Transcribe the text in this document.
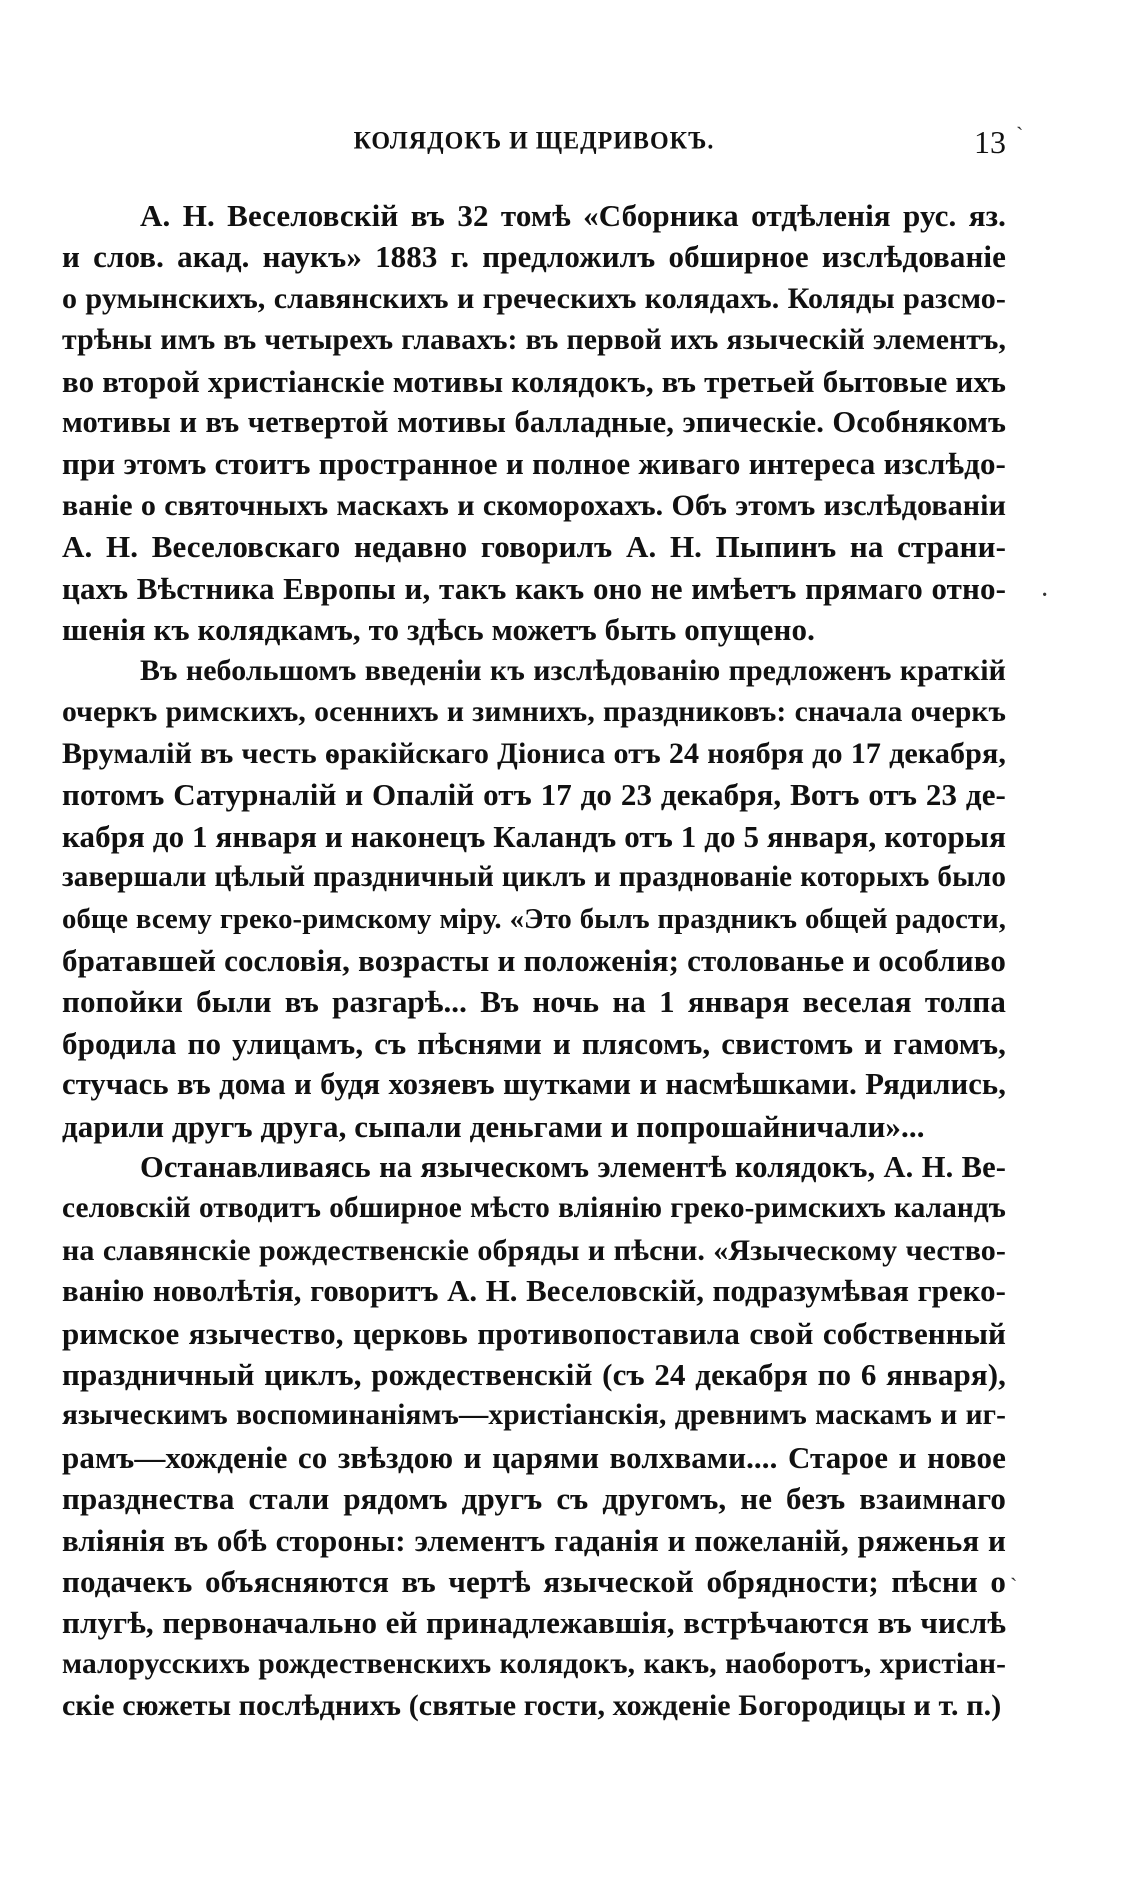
КОЛЯДОКЪ И ЩЕДРИВОКЪ.	13
А. Н. Веселовскій въ 32 томѣ «Сборника отдѣленія рус. яз.
и слов. акад. наукъ» 1883 г. предложилъ обширное изслѣдованіе
о румынскихъ, славянскихъ и греческихъ колядахъ. Коляды разсмо-
трѣны имъ въ четырехъ главахъ: въ первой ихъ языческій элементъ,
во второй христіанскіе мотивы колядокъ, въ третьей бытовые ихъ
мотивы и въ четвертой мотивы балладные, эпическіе. Особнякомъ
при этомъ стоитъ пространное и полное живаго интереса изслѣдо-
ваніе о святочныхъ маскахъ и скоморохахъ. Объ этомъ изслѣдованіи
А. Н. Веселовскаго недавно говорилъ А. Н. Пыпинъ на страни-
цахъ Вѣстника Европы и, такъ какъ оно не имѣетъ прямаго отно-
шенія къ колядкамъ, то здѣсь можетъ быть опущено.
Въ небольшомъ введеніи къ изслѣдованію предложенъ краткій
очеркъ римскихъ, осеннихъ и зимнихъ, праздниковъ: сначала очеркъ
Врумалій въ честь ѳракійскаго Діониса отъ 24 ноября до 17 декабря,
потомъ Сатурналій и Опалій отъ 17 до 23 декабря, Вотъ отъ 23 де-
кабря до 1 января и наконецъ Каландъ отъ 1 до 5 января, которыя
завершали цѣлый праздничный циклъ и празднованіе которыхъ было
обще всему греко-римскому міру. «Это былъ праздникъ общей радости,
братавшей сословія, возрасты и положенія; столованье и особливо
попойки были въ разгарѣ... Въ ночь на 1 января веселая толпа
бродила по улицамъ, съ пѣснями и плясомъ, свистомъ и гамомъ,
стучась въ дома и будя хозяевъ шутками и насмѣшками. Рядились,
дарили другъ друга, сыпали деньгами и попрошайничали»...
Останавливаясь на языческомъ элементѣ колядокъ, А. Н. Ве-
селовскій отводитъ обширное мѣсто вліянію греко-римскихъ каландъ
на славянскіе рождественскіе обряды и пѣсни. «Языческому чество-
ванію новолѣтія, говоритъ А. Н. Веселовскій, подразумѣвая греко-
римское язычество, церковь противопоставила свой собственный
праздничный циклъ, рождественскій (съ 24 декабря по 6 января),
языческимъ воспоминаніямъ—христіанскія, древнимъ маскамъ и иг-
рамъ—хожденіе со звѣздою и царями волхвами.... Старое и новое
празднества стали рядомъ другъ съ другомъ, не безъ взаимнаго
вліянія въ обѣ стороны: элементъ гаданія и пожеланій, ряженья и
подачекъ объясняются въ чертѣ языческой обрядности; пѣсни о
плугѣ, первоначально ей принадлежавшія, встрѣчаются въ числѣ
малорусскихъ рождественскихъ колядокъ, какъ, наоборотъ, христіан-
скіе сюжеты послѣднихъ (святые гости, хожденіе Богородицы и т. п.)
`
·
`
